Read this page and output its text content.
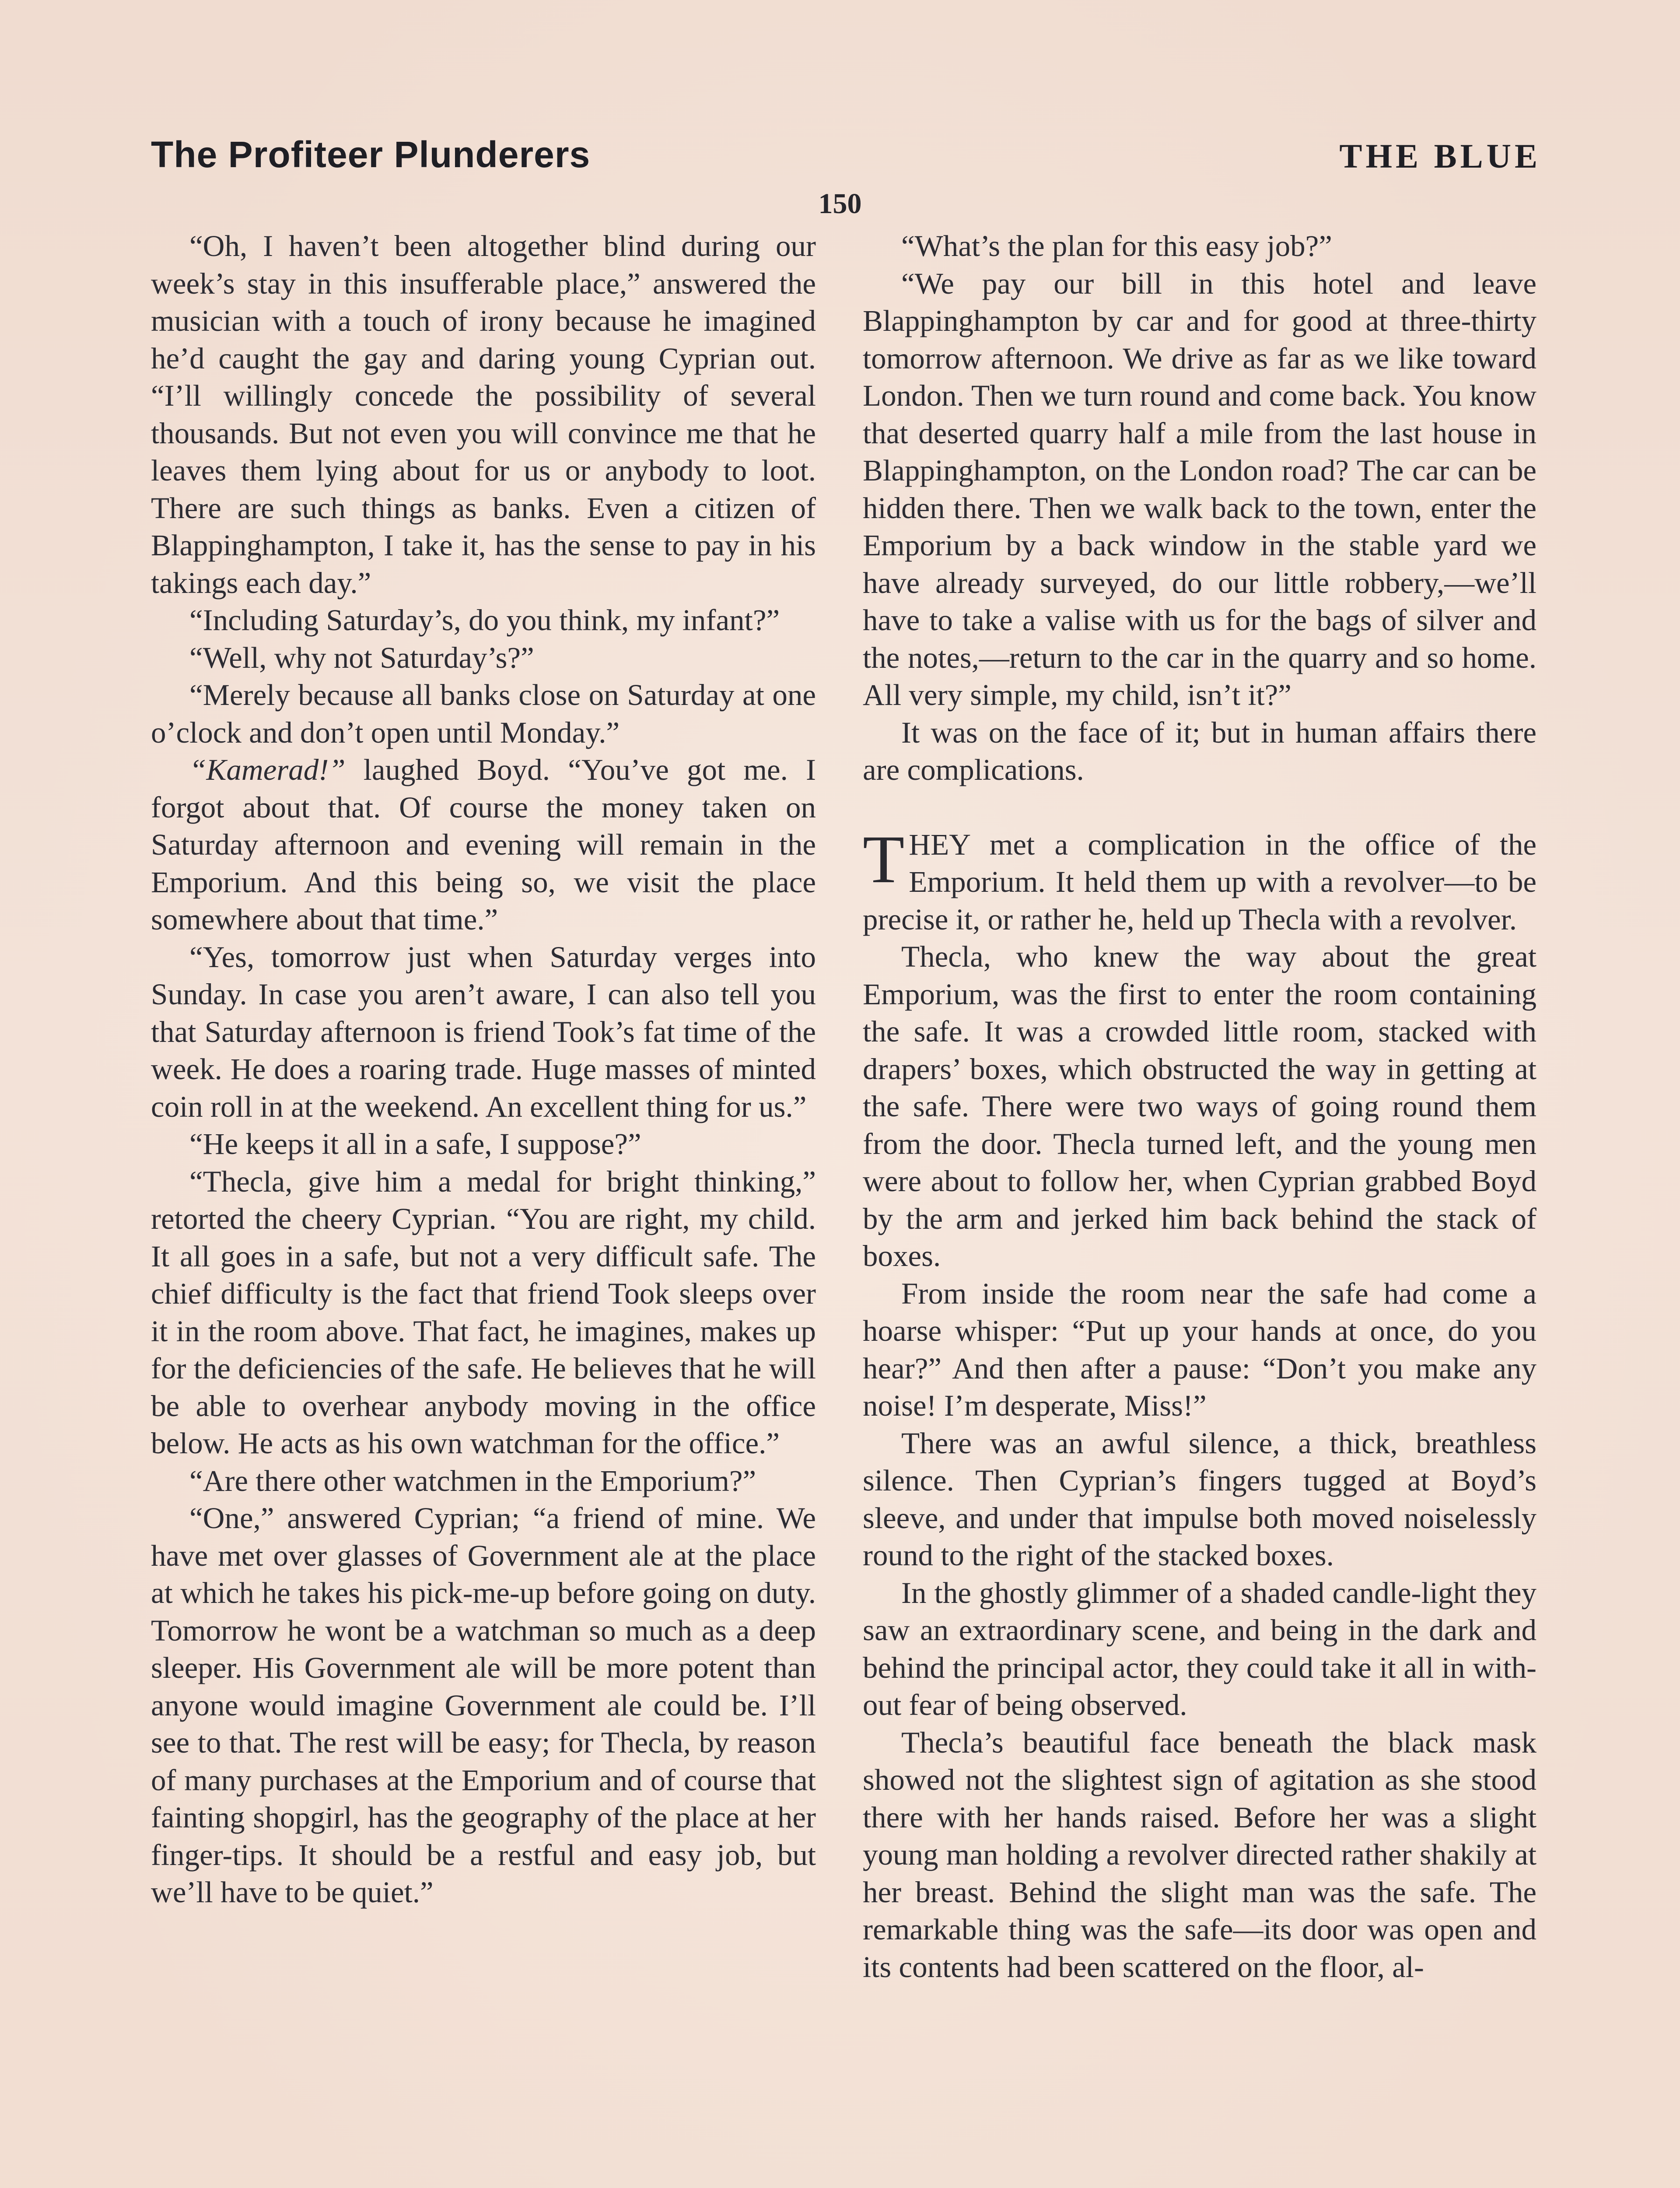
The Profiteer Plunderers	THE BLUE
150

“Oh, I haven’t been altogether blind during our week’s stay in this insufferable place,” answered the musician with a touch of irony because he imagined he’d caught the gay and daring young Cyprian out. “I’ll willingly concede the possibility of several thousands. But not even you will convince me that he leaves them lying about for us or anybody to loot. There are such things as banks. Even a citizen of Blappinghampton, I take it, has the sense to pay in his takings each day.”

“Including Saturday’s, do you think, my infant?”

“Well, why not Saturday’s?”

“Merely because all banks close on Saturday at one o’clock and don’t open until Monday.”

“Kamerad!” laughed Boyd. “You’ve got me. I forgot about that. Of course the money taken on Saturday afternoon and evening will remain in the Emporium. And this being so, we visit the place somewhere about that time.”

“Yes, tomorrow just when Saturday verges into Sunday. In case you aren’t aware, I can also tell you that Saturday afternoon is friend Took’s fat time of the week. He does a roaring trade. Huge masses of minted coin roll in at the weekend. An excellent thing for us.”

“He keeps it all in a safe, I suppose?”

“Thecla, give him a medal for bright thinking,” retorted the cheery Cyprian. “You are right, my child. It all goes in a safe, but not a very difficult safe. The chief difficulty is the fact that friend Took sleeps over it in the room above. That fact, he imagines, makes up for the deficiencies of the safe. He believes that he will be able to overhear anybody moving in the office below. He acts as his own watchman for the office.”

“Are there other watchmen in the Emporium?”

“One,” answered Cyprian; “a friend of mine. We have met over glasses of Government ale at the place at which he takes his pick-me-up before going on duty. Tomorrow he wont be a watchman so much as a deep sleeper. His Government ale will be more potent than anyone would imagine Government ale could be. I’ll see to that. The rest will be easy; for Thecla, by reason of many purchases at the Emporium and of course that fainting shopgirl, has the geography of the place at her finger-tips. It should be a restful and easy job, but we’ll have to be quiet.”

“What’s the plan for this easy job?”

“We pay our bill in this hotel and leave Blappinghampton by car and for good at three-thirty tomorrow afternoon. We drive as far as we like toward London. Then we turn round and come back. You know that deserted quarry half a mile from the last house in Blappinghampton, on the London road? The car can be hidden there. Then we walk back to the town, enter the Emporium by a back window in the stable yard we have already surveyed, do our little robbery,—we’ll have to take a valise with us for the bags of silver and the notes,—return to the car in the quarry and so home. All very simple, my child, isn’t it?”

It was on the face of it; but in human affairs there are complications.

T HEY met a complication in the office of the Emporium. It held them up with a revolver—to be precise it, or rather he, held up Thecla with a revolver.

Thecla, who knew the way about the great Emporium, was the first to enter the room containing the safe. It was a crowded little room, stacked with drapers’ boxes, which obstructed the way in getting at the safe. There were two ways of going round them from the door. Thecla turned left, and the young men were about to follow her, when Cyprian grabbed Boyd by the arm and jerked him back behind the stack of boxes.

From inside the room near the safe had come a hoarse whisper: “Put up your hands at once, do you hear?” And then after a pause: “Don’t you make any noise! I’m desperate, Miss!”

There was an awful silence, a thick, breathless silence. Then Cyprian’s fingers tugged at Boyd’s sleeve, and under that impulse both moved noiselessly round to the right of the stacked boxes.

In the ghostly glimmer of a shaded candle-light they saw an extraordinary scene, and being in the dark and behind the principal actor, they could take it all in without fear of being observed.

Thecla’s beautiful face beneath the black mask showed not the slightest sign of agitation as she stood there with her hands raised. Before her was a slight young man holding a revolver directed rather shakily at her breast. Behind the slight man was the safe. The remarkable thing was the safe—its door was open and its contents had been scattered on the floor, al-
